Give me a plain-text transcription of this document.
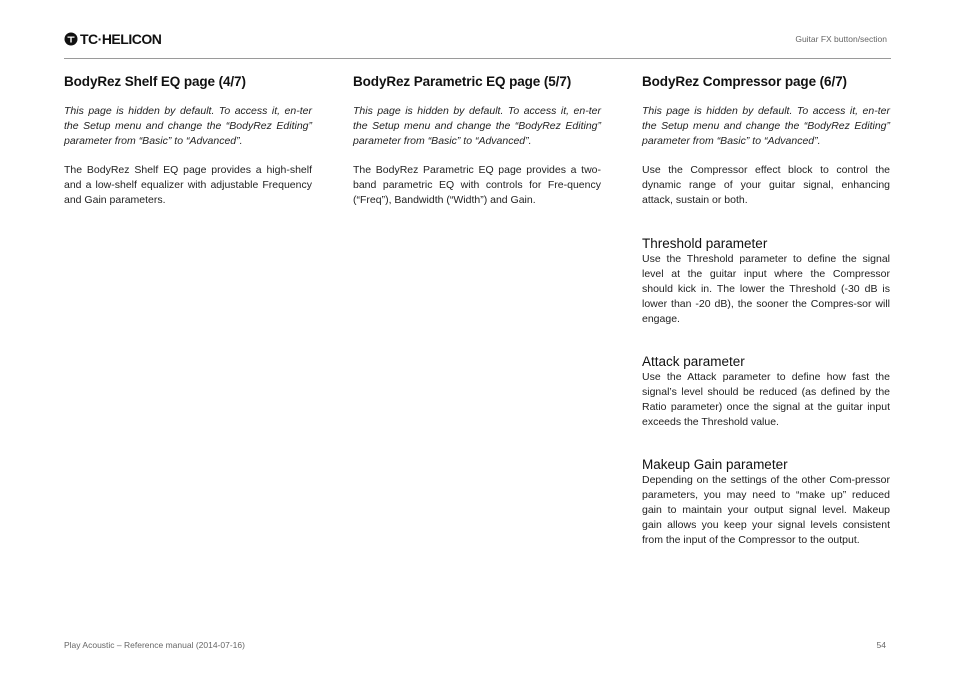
TC·HELICON	Guitar FX button/section
BodyRez Shelf EQ page (4/7)

This page is hidden by default. To access it, en-ter the Setup menu and change the “BodyRez Editing” parameter from “Basic” to “Advanced”.

The BodyRez Shelf EQ page provides a high-shelf and a low-shelf equalizer with adjustable Frequency and Gain parameters.

BodyRez Parametric EQ page (5/7)

This page is hidden by default. To access it, en-ter the Setup menu and change the “BodyRez Editing” parameter from “Basic” to “Advanced”.

The BodyRez Parametric EQ page provides a two-band parametric EQ with controls for Fre-quency (“Freq”), Bandwidth (“Width”) and Gain.

BodyRez Compressor page (6/7)

This page is hidden by default. To access it, en-ter the Setup menu and change the “BodyRez Editing” parameter from “Basic” to “Advanced”.

Use the Compressor effect block to control the dynamic range of your guitar signal, enhancing attack, sustain or both.

Threshold parameter

Use the Threshold parameter to define the signal level at the guitar input where the Compressor should kick in. The lower the Threshold (-30 dB is lower than -20 dB), the sooner the Compres-sor will engage.

Attack parameter

Use the Attack parameter to define how fast the signal’s level should be reduced (as defined by the Ratio parameter) once the signal at the guitar input exceeds the Threshold value.

Makeup Gain parameter

Depending on the settings of the other Com-pressor parameters, you may need to “make up” reduced gain to maintain your output signal level. Makeup gain allows you keep your signal levels consistent from the input of the Compressor to the output.

Play Acoustic – Reference manual (2014-07-16)	54
